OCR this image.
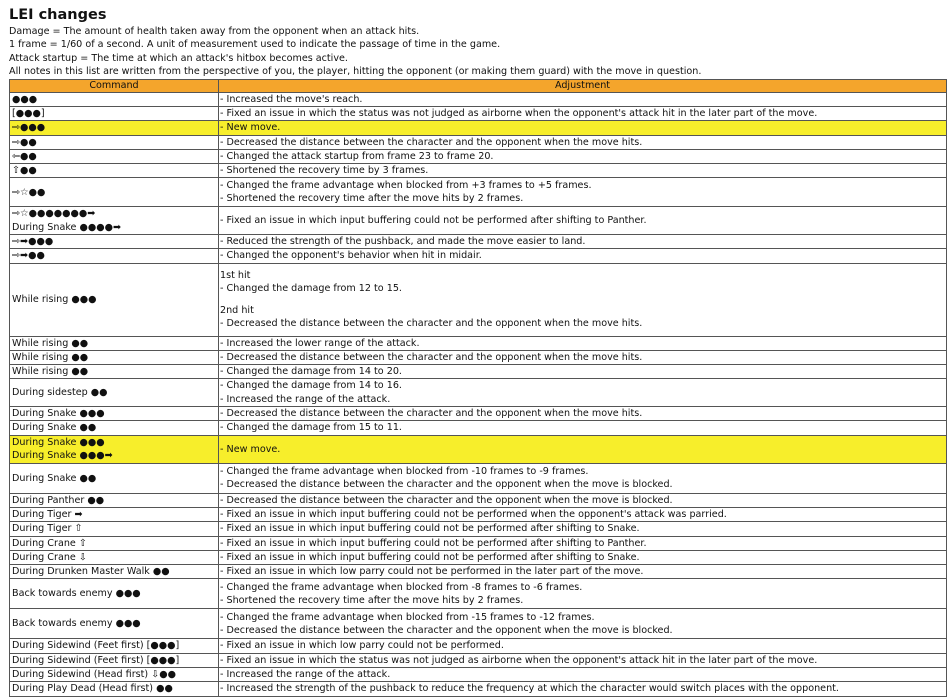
LEI changes

Damage = The amount of health taken away from the opponent when an attack hits.

1 frame = 1/60 of a second. A unit of measurement used to indicate the passage of time in the game.

Attack startup = The time at which an attack's hitbox becomes active.

All notes in this list are written from the perspective of you, the player, hitting the opponent (or making them guard) with the move in question.

Command	Adjustment

●●●	- Increased the move's reach.

[●●●]	- Fixed an issue in which the status was not judged as airborne when the opponent's attack hit in the later part of the move.

⇨●●●	- New move.

⇨●●	- Decreased the distance between the character and the opponent when the move hits.

⇦●●	- Changed the attack startup from frame 23 to frame 20.

⇧●●	- Shortened the recovery time by 3 frames.

⇨☆●●	- Changed the frame advantage when blocked from +3 frames to +5 frames.
- Shortened the recovery time after the move hits by 2 frames.

⇨☆●●●●●●●➡
During Snake ●●●●➡	- Fixed an issue in which input buffering could not be performed after shifting to Panther.

⇨➡●●●	- Reduced the strength of the pushback, and made the move easier to land.

⇨➡●●	- Changed the opponent's behavior when hit in midair.

While rising ●●●	1st hit
- Changed the damage from 12 to 15.
2nd hit
- Decreased the distance between the character and the opponent when the move hits.

While rising ●●	- Increased the lower range of the attack.

While rising ●●	- Decreased the distance between the character and the opponent when the move hits.

While rising ●●	- Changed the damage from 14 to 20.

During sidestep ●●	- Changed the damage from 14 to 16.
- Increased the range of the attack.

During Snake ●●●	- Decreased the distance between the character and the opponent when the move hits.

During Snake ●●	- Changed the damage from 15 to 11.

During Snake ●●●
During Snake ●●●➡	- New move.

During Snake ●●	- Changed the frame advantage when blocked from -10 frames to -9 frames.
- Decreased the distance between the character and the opponent when the move is blocked.

During Panther ●●	- Decreased the distance between the character and the opponent when the move is blocked.

During Tiger ➡	- Fixed an issue in which input buffering could not be performed when the opponent's attack was parried.

During Tiger ⇧	- Fixed an issue in which input buffering could not be performed after shifting to Snake.

During Crane ⇧	- Fixed an issue in which input buffering could not be performed after shifting to Panther.

During Crane ⇩	- Fixed an issue in which input buffering could not be performed after shifting to Snake.

During Drunken Master Walk ●●	- Fixed an issue in which low parry could not be performed in the later part of the move.

Back towards enemy ●●●	- Changed the frame advantage when blocked from -8 frames to -6 frames.
- Shortened the recovery time after the move hits by 2 frames.

Back towards enemy ●●●	- Changed the frame advantage when blocked from -15 frames to -12 frames.
- Decreased the distance between the character and the opponent when the move is blocked.

During Sidewind (Feet first) [●●●]	- Fixed an issue in which low parry could not be performed.

During Sidewind (Feet first) [●●●]	- Fixed an issue in which the status was not judged as airborne when the opponent's attack hit in the later part of the move.

During Sidewind (Head first) ⇩●●	- Increased the range of the attack.

During Play Dead (Head first) ●●	- Increased the strength of the pushback to reduce the frequency at which the character would switch places with the opponent.
